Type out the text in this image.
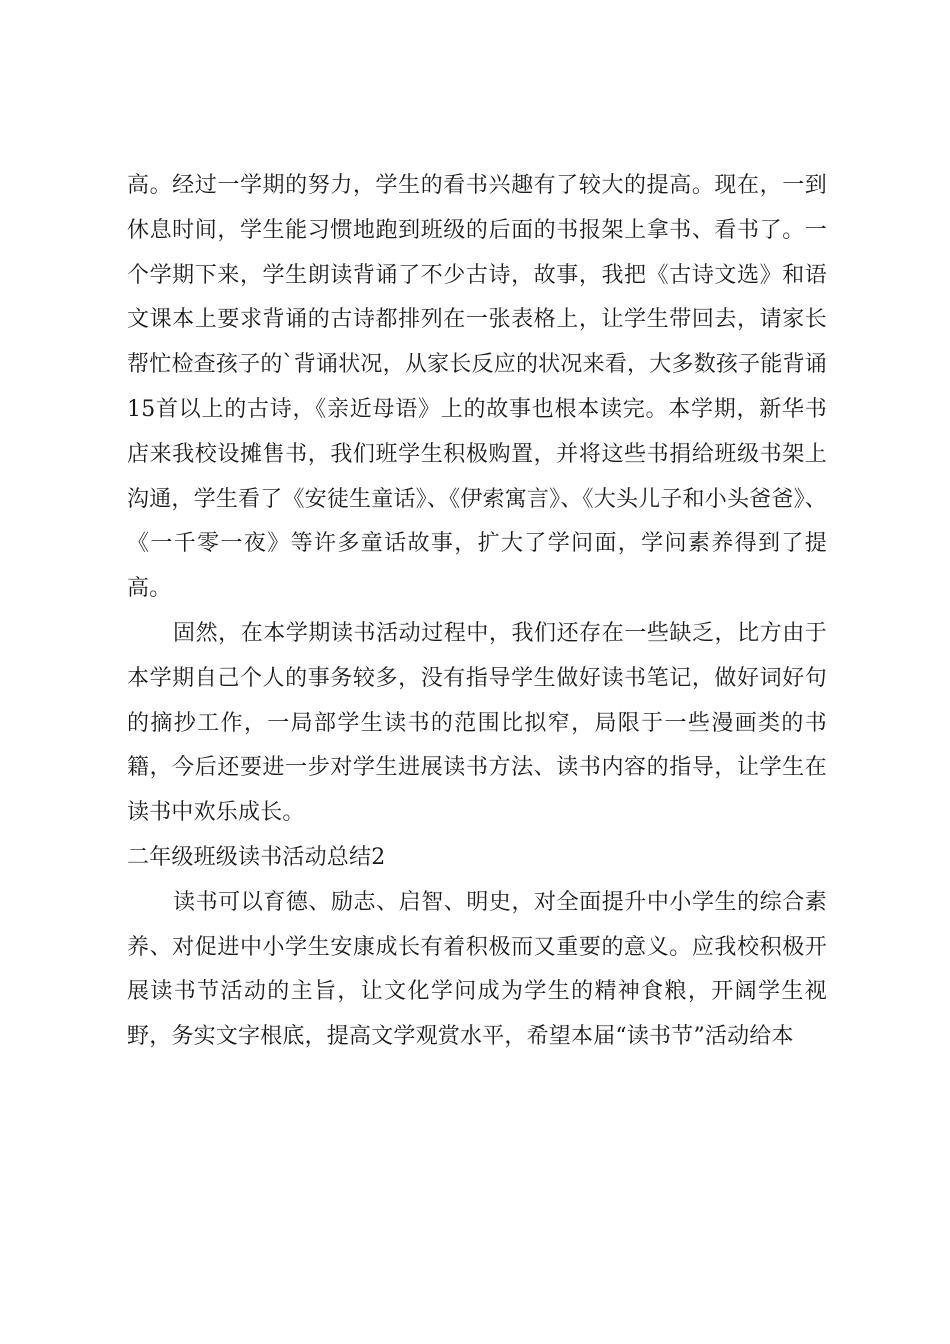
高。经过一学期的努力，学生的看书兴趣有了较大的提高。现在，一到休息时间，学生能习惯地跑到班级的后面的书报架上拿书、看书了。一个学期下来，学生朗读背诵了不少古诗，故事，我把《古诗文选》和语文课本上要求背诵的古诗都排列在一张表格上，让学生带回去，请家长帮忙检查孩子的`背诵状况，从家长反应的状况来看，大多数孩子能背诵15首以上的古诗，《亲近母语》上的故事也根本读完。本学期，新华书店来我校设摊售书，我们班学生积极购置，并将这些书捐给班级书架上沟通，学生看了《安徒生童话》、《伊索寓言》、《大头儿子和小头爸爸》、《一千零一夜》等许多童话故事，扩大了学问面，学问素养得到了提高。

固然，在本学期读书活动过程中，我们还存在一些缺乏，比方由于本学期自己个人的事务较多，没有指导学生做好读书笔记，做好词好句的摘抄工作，一局部学生读书的范围比拟窄，局限于一些漫画类的书籍，今后还要进一步对学生进展读书方法、读书内容的指导，让学生在读书中欢乐成长。

二年级班级读书活动总结2

读书可以育德、励志、启智、明史，对全面提升中小学生的综合素养、对促进中小学生安康成长有着积极而又重要的意义。应我校积极开展读书节活动的主旨，让文化学问成为学生的精神食粮，开阔学生视野，务实文字根底，提高文学观赏水平，希望本届“读书节”活动给本
